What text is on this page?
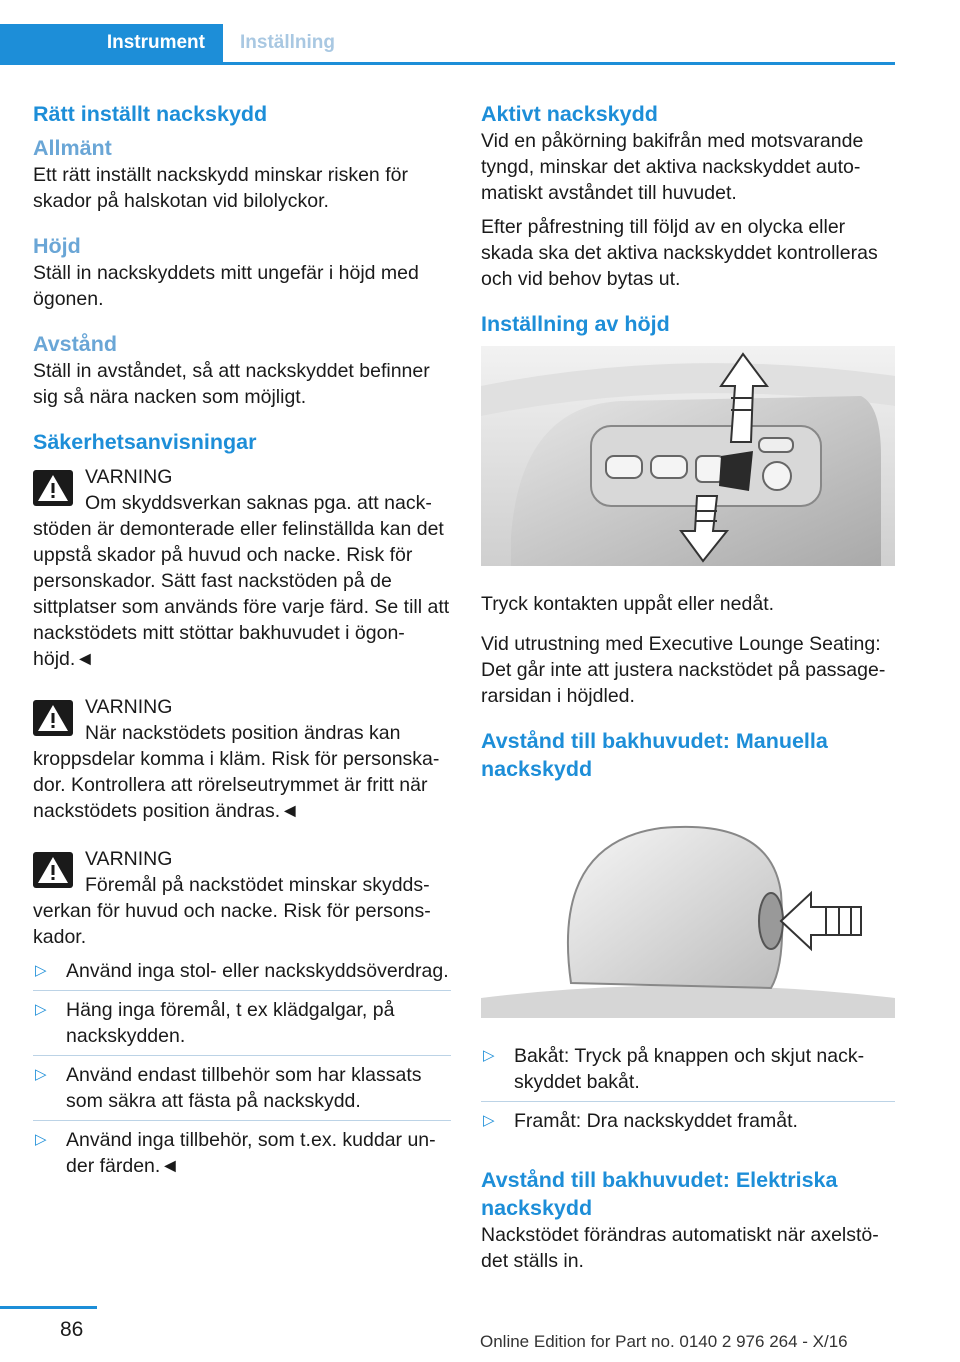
Instrument	Inställning
Rätt inställt nackskydd
Allmänt

Ett rätt inställt nackskydd minskar risken för skador på halskotan vid bilolyckor.

Höjd

Ställ in nackskyddets mitt ungefär i höjd med ögonen.

Avstånd

Ställ in avståndet, så att nackskyddet befinner sig så nära nacken som möjligt.

Säkerhetsanvisningar
VARNING

Om skyddsverkan saknas pga. att nackstöden är demonterade eller felinställda kan det uppstå skador på huvud och nacke. Risk för personskador. Sätt fast nackstöden på de sittplatser som används före varje färd. Se till att nackstödets mitt stöttar bakhuvudet i ögonhöjd.◄

VARNING

När nackstödets position ändras kan kroppsdelar komma i kläm. Risk för personskador. Kontrollera att rörelseutrymmet är fritt när nackstödets position ändras.◄

VARNING

Föremål på nackstödet minskar skyddsverkan för huvud och nacke. Risk för personskador.

▷ Använd inga stol- eller nackskyddsöverdrag.
▷ Häng inga föremål, t ex klädgalgar, på nackskydden.
▷ Använd endast tillbehör som har klassats som säkra att fästa på nackskydd.
▷ Använd inga tillbehör, som t.ex. kuddar under färden.◄
Aktivt nackskydd

Vid en påkörning bakifrån med motsvarande tyngd, minskar det aktiva nackskyddet automatiskt avståndet till huvudet.

Efter påfrestning till följd av en olycka eller skada ska det aktiva nackskyddet kontrolleras och vid behov bytas ut.

Inställning av höjd

Tryck kontakten uppåt eller nedåt.

Vid utrustning med Executive Lounge Seating: Det går inte att justera nackstödet på passagerarsidan i höjdled.

Avstånd till bakhuvudet: Manuella nackskydd
▷ Bakåt: Tryck på knappen och skjut nackskyddet bakåt.
▷ Framåt: Dra nackskyddet framåt.
Avstånd till bakhuvudet: Elektriska nackskydd

Nackstödet förändras automatiskt när axelstödet ställs in.

86
Online Edition for Part no. 0140 2 976 264 - X/16
